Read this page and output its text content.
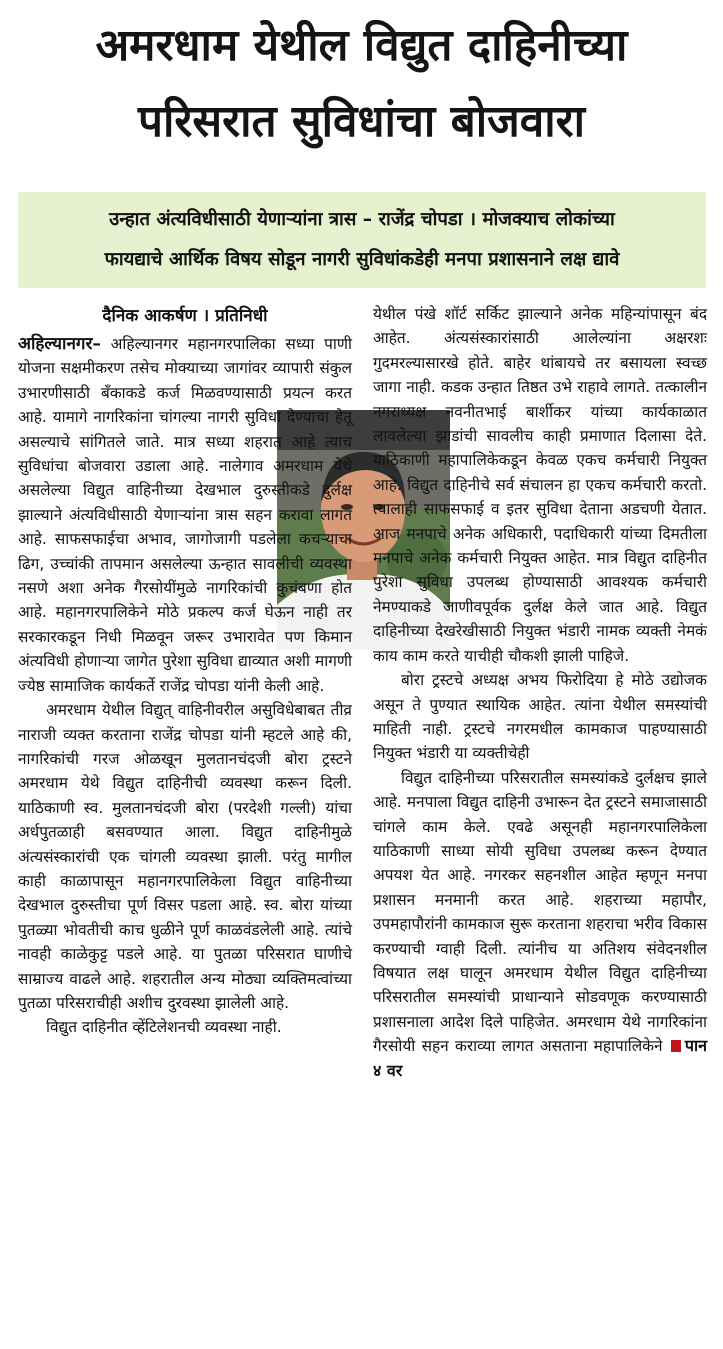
अमरधाम येथील विद्युत दाहिनीच्या
परिसरात सुविधांचा बोजवारा
उन्हात अंत्यविधीसाठी येणाऱ्यांना त्रास – राजेंद्र चोपडा । मोजक्याच लोकांच्या
फायद्याचे आर्थिक विषय सोडून नागरी सुविधांकडेही मनपा प्रशासनाने लक्ष द्यावे
दैनिक आकर्षण । प्रतिनिधी

अहिल्यानगर– अहिल्यानगर महानगरपालिका सध्या पाणी योजना सक्षमीकरण तसेच मोक्याच्या जागांवर व्यापारी संकुल उभारणीसाठी बँकाकडे कर्ज मिळवण्यासाठी प्रयत्न करत आहे. यामागे नागरिकांना चांगल्या नागरी सुविधा देण्याचा हेतू असल्याचे सांगितले जाते. मात्र सध्या शहरात आहे त्याच सुविधांचा बोजवारा उडाला आहे. नालेगाव अमरधाम येथे असलेल्या विद्युत वाहिनीच्या देखभाल दुरुस्तीकडे दुर्लक्ष झाल्याने अंत्यविधीसाठी येणाऱ्यांना त्रास सहन करावा लागत आहे. साफसफाईचा अभाव, जागोजागी पडलेला कचऱ्याचा ढिग, उच्चांकी तापमान असलेल्या ऊन्हात सावलीची व्यवस्था नसणे अशा अनेक गैरसोयींमुळे नागरिकांची कुचंबणा होत आहे. महानगरपालिकेने मोठे प्रकल्प कर्ज घेऊन नाही तर सरकारकडून निधी मिळवून जरूर उभारावेत पण किमान अंत्यविधी होणाऱ्या जागेत पुरेशा सुविधा द्याव्यात अशी मागणी ज्येष्ठ सामाजिक कार्यकर्ते राजेंद्र चोपडा यांनी केली आहे.

अमरधाम येथील विद्युत् वाहिनीवरील असुविधेबाबत तीव्र नाराजी व्यक्त करताना राजेंद्र चोपडा यांनी म्हटले आहे की, नागरिकांची गरज ओळखून मुलतानचंदजी बोरा ट्रस्टने अमरधाम येथे विद्युत दाहिनीची व्यवस्था करून दिली. याठिकाणी स्व. मुलतानचंदजी बोरा (परदेशी गल्ली) यांचा अर्धपुतळाही बसवण्यात आला. विद्युत दाहिनीमुळे अंत्यसंस्कारांची एक चांगली व्यवस्था झाली. परंतु मागील काही काळापासून महानगरपालिकेला विद्युत वाहिनीच्या देखभाल दुरुस्तीचा पूर्ण विसर पडला आहे. स्व. बोरा यांच्या पुतळ्या भोवतीची काच धुळीने पूर्ण काळवंडलेली आहे. त्यांचे नावही काळेकुट्ट पडले आहे. या पुतळा परिसरात घाणीचे साम्राज्य वाढले आहे. शहरातील अन्य मोठ्या व्यक्तिमत्वांच्या पुतळा परिसराचीही अशीच दुरवस्था झालेली आहे.

विद्युत दाहिनीत व्हेंटिलेशनची व्यवस्था नाही.

येथील पंखे शॉर्ट सर्किट झाल्याने अनेक महिन्यांपासून बंद आहेत. अंत्यसंस्कारांसाठी आलेल्यांना अक्षरशः गुदमरल्यासारखे होते. बाहेर थांबायचे तर बसायला स्वच्छ जागा नाही. कडक उन्हात तिष्ठत उभे राहावे लागते. तत्कालीन नगराध्यक्ष नवनीतभाई बार्शीकर यांच्या कार्यकाळात लावलेल्या झाडांची सावलीच काही प्रमाणात दिलासा देते. याठिकाणी महापालिकेकडून केवळ एकच कर्मचारी नियुक्त आहे. विद्युत दाहिनीचे सर्व संचालन हा एकच कर्मचारी करतो. त्यालाही साफसफाई व इतर सुविधा देताना अडचणी येतात. आज मनपाचे अनेक अधिकारी, पदाधिकारी यांच्या दिमतीला मनपाचे अनेक कर्मचारी नियुक्त आहेत. मात्र विद्युत दाहिनीत पुरेशा सुविधा उपलब्ध होण्यासाठी आवश्यक कर्मचारी नेमण्याकडे जाणीवपूर्वक दुर्लक्ष केले जात आहे. विद्युत दाहिनीच्या देखरेखीसाठी नियुक्त भंडारी नामक व्यक्ती नेमकं काय काम करते याचीही चौकशी झाली पाहिजे.

बोरा ट्रस्टचे अध्यक्ष अभय फिरोदिया हे मोठे उद्योजक असून ते पुण्यात स्थायिक आहेत. त्यांना येथील समस्यांची माहिती नाही. ट्रस्टचे नगरमधील कामकाज पाहण्यासाठी नियुक्त भंडारी या व्यक्तीचेही

विद्युत दाहिनीच्या परिसरातील समस्यांकडे दुर्लक्षच झाले आहे. मनपाला विद्युत दाहिनी उभारून देत ट्रस्टने समाजासाठी चांगले काम केले. एवढे असूनही महानगरपालिकेला याठिकाणी साध्या सोयी सुविधा उपलब्ध करून देण्यात अपयश येत आहे. नगरकर सहनशील आहेत म्हणून मनपा प्रशासन मनमानी करत आहे. शहराच्या महापौर, उपमहापौरांनी कामकाज सुरू करताना शहराचा भरीव विकास करण्याची ग्वाही दिली. त्यांनीच या अतिशय संवेदनशील विषयात लक्ष घालून अमरधाम येथील विद्युत दाहिनीच्या परिसरातील समस्यांची प्राधान्याने सोडवणूक करण्यासाठी प्रशासनाला आदेश दिले पाहिजेत. अमरधाम येथे नागरिकांना गैरसोयी सहन कराव्या लागत असताना महापालिकेने पान ४ वर
